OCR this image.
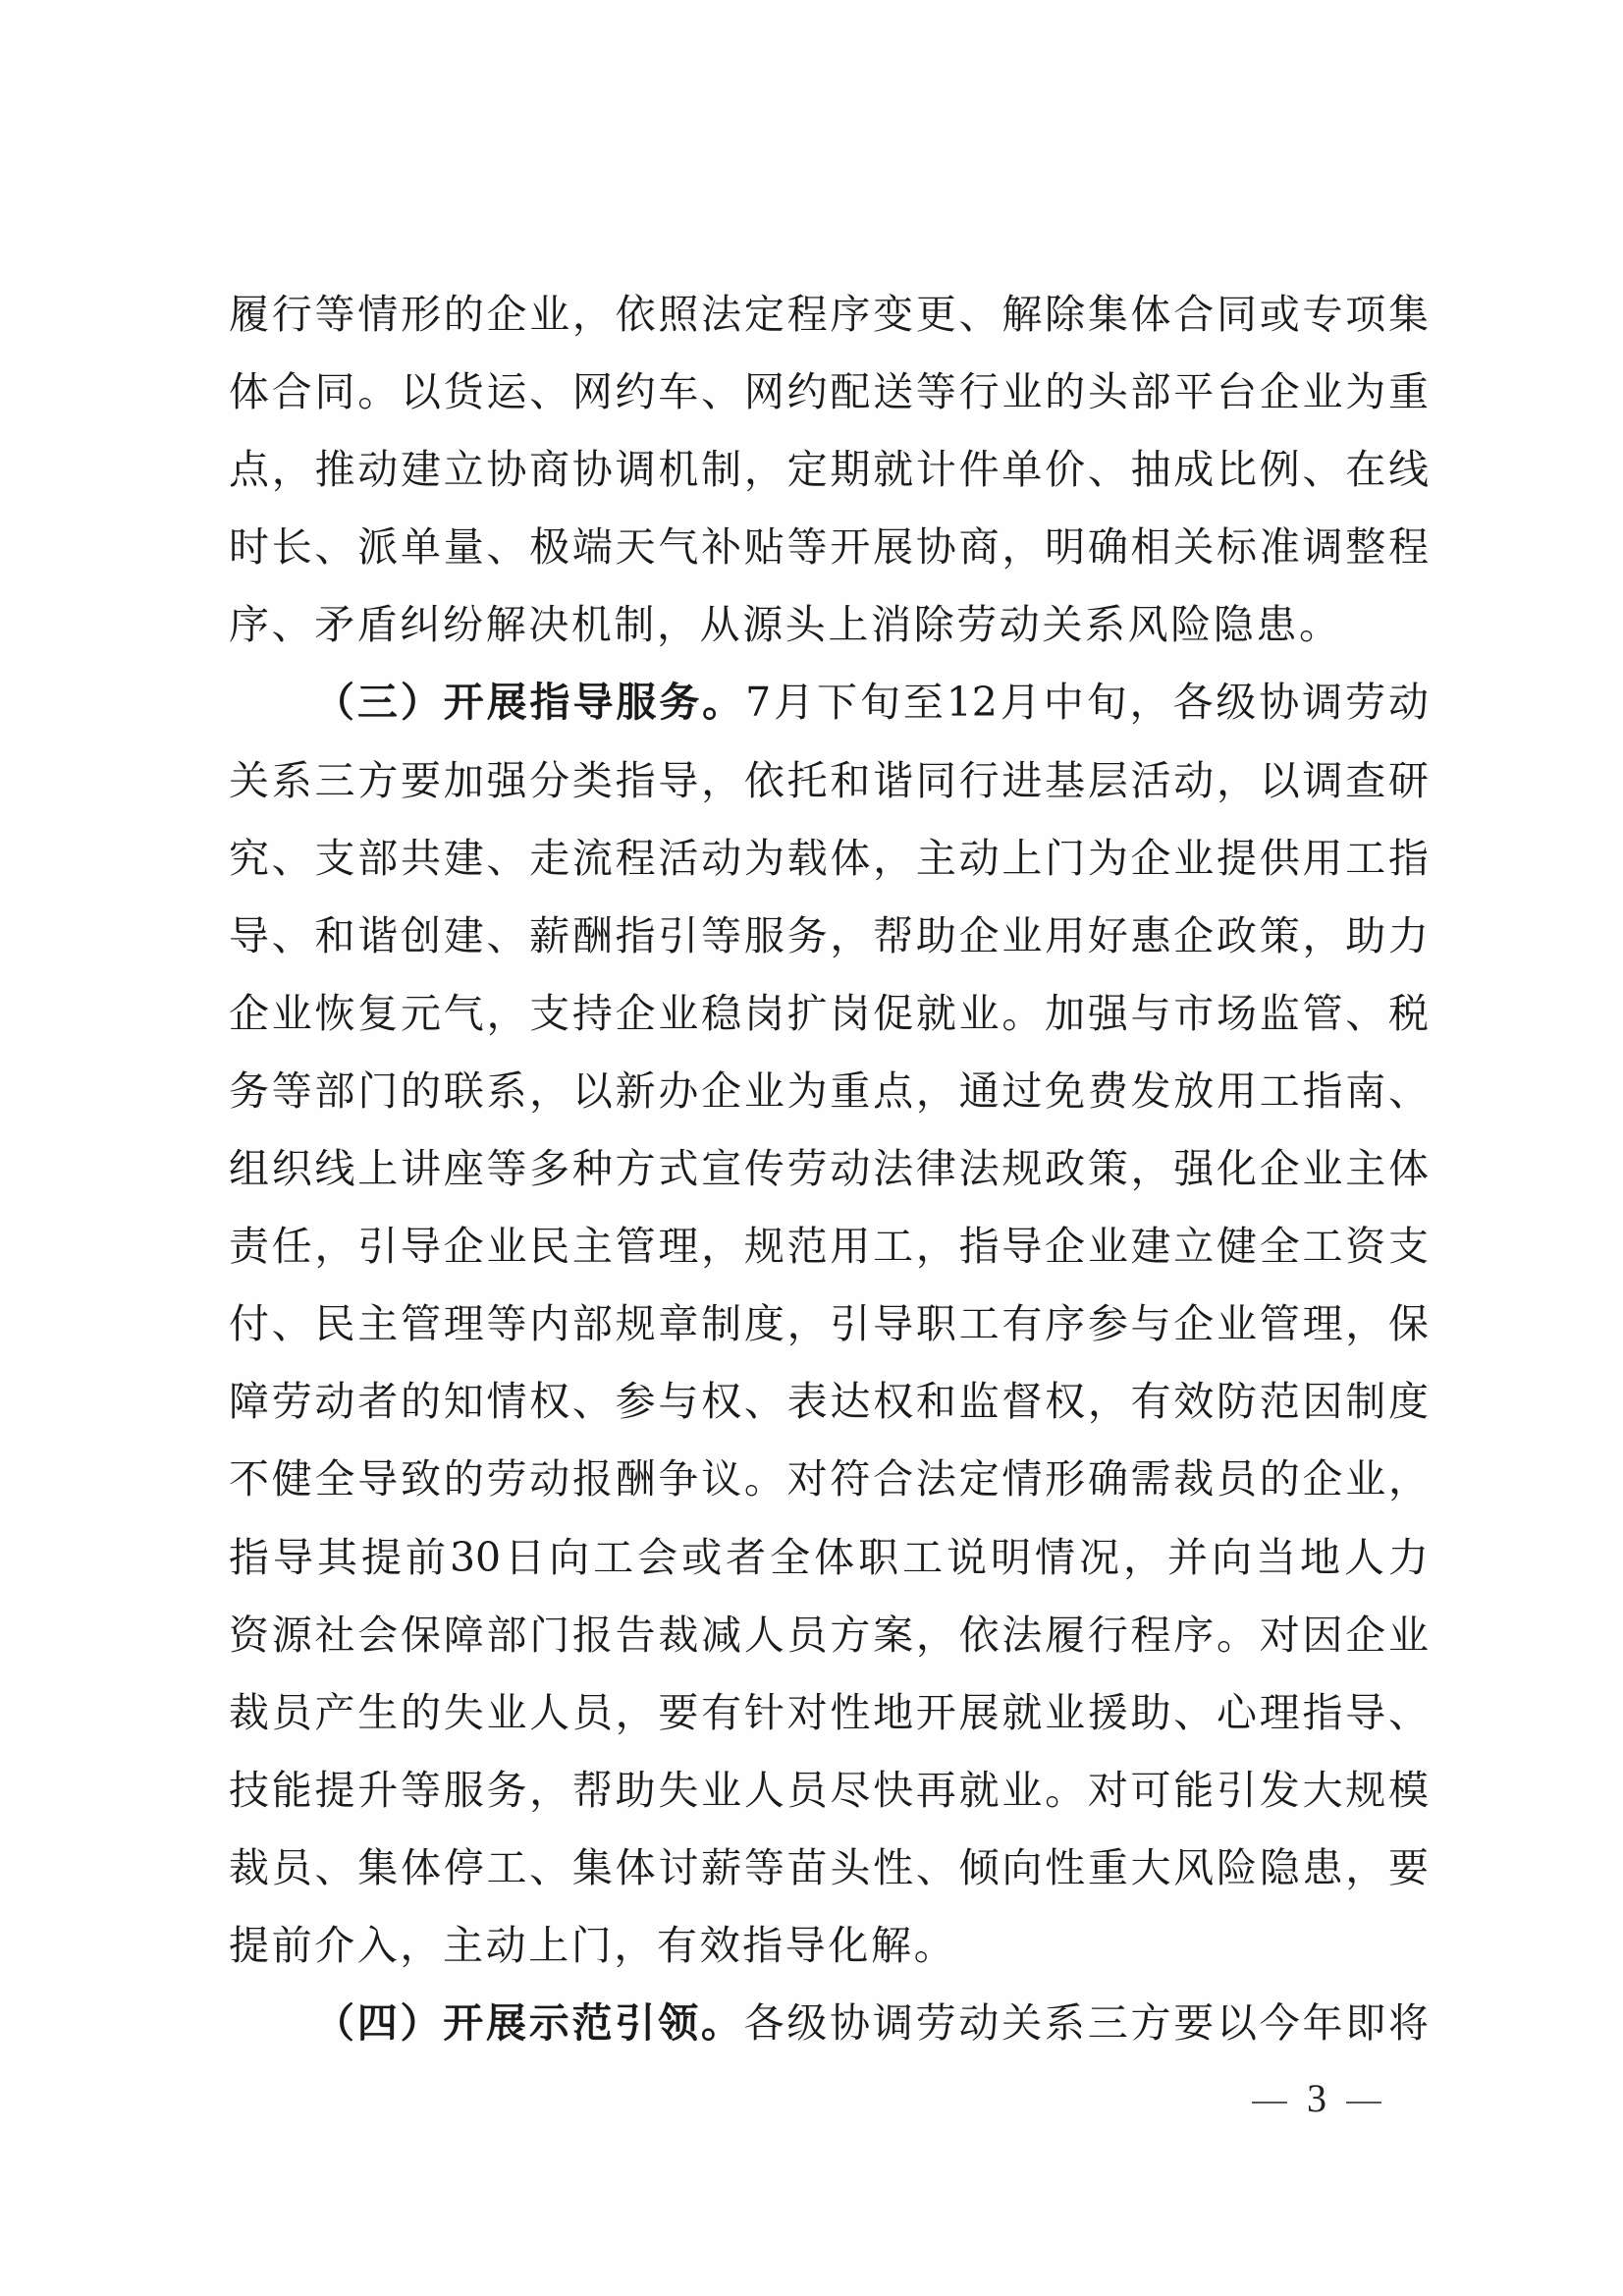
履行等情形的企业，依照法定程序变更、解除集体合同或专项集
体合同。以货运、网约车、网约配送等行业的头部平台企业为重
点，推动建立协商协调机制，定期就计件单价、抽成比例、在线
时长、派单量、极端天气补贴等开展协商，明确相关标准调整程
序、矛盾纠纷解决机制，从源头上消除劳动关系风险隐患。
（三）开展指导服务。7月下旬至12月中旬，各级协调劳动
关系三方要加强分类指导，依托和谐同行进基层活动，以调查研
究、支部共建、走流程活动为载体，主动上门为企业提供用工指
导、和谐创建、薪酬指引等服务，帮助企业用好惠企政策，助力
企业恢复元气，支持企业稳岗扩岗促就业。加强与市场监管、税
务等部门的联系，以新办企业为重点，通过免费发放用工指南、
组织线上讲座等多种方式宣传劳动法律法规政策，强化企业主体
责任，引导企业民主管理，规范用工，指导企业建立健全工资支
付、民主管理等内部规章制度，引导职工有序参与企业管理，保
障劳动者的知情权、参与权、表达权和监督权，有效防范因制度
不健全导致的劳动报酬争议。对符合法定情形确需裁员的企业，
指导其提前30日向工会或者全体职工说明情况，并向当地人力
资源社会保障部门报告裁减人员方案，依法履行程序。对因企业
裁员产生的失业人员，要有针对性地开展就业援助、心理指导、
技能提升等服务，帮助失业人员尽快再就业。对可能引发大规模
裁员、集体停工、集体讨薪等苗头性、倾向性重大风险隐患，要
提前介入，主动上门，有效指导化解。
（四）开展示范引领。各级协调劳动关系三方要以今年即将
3
